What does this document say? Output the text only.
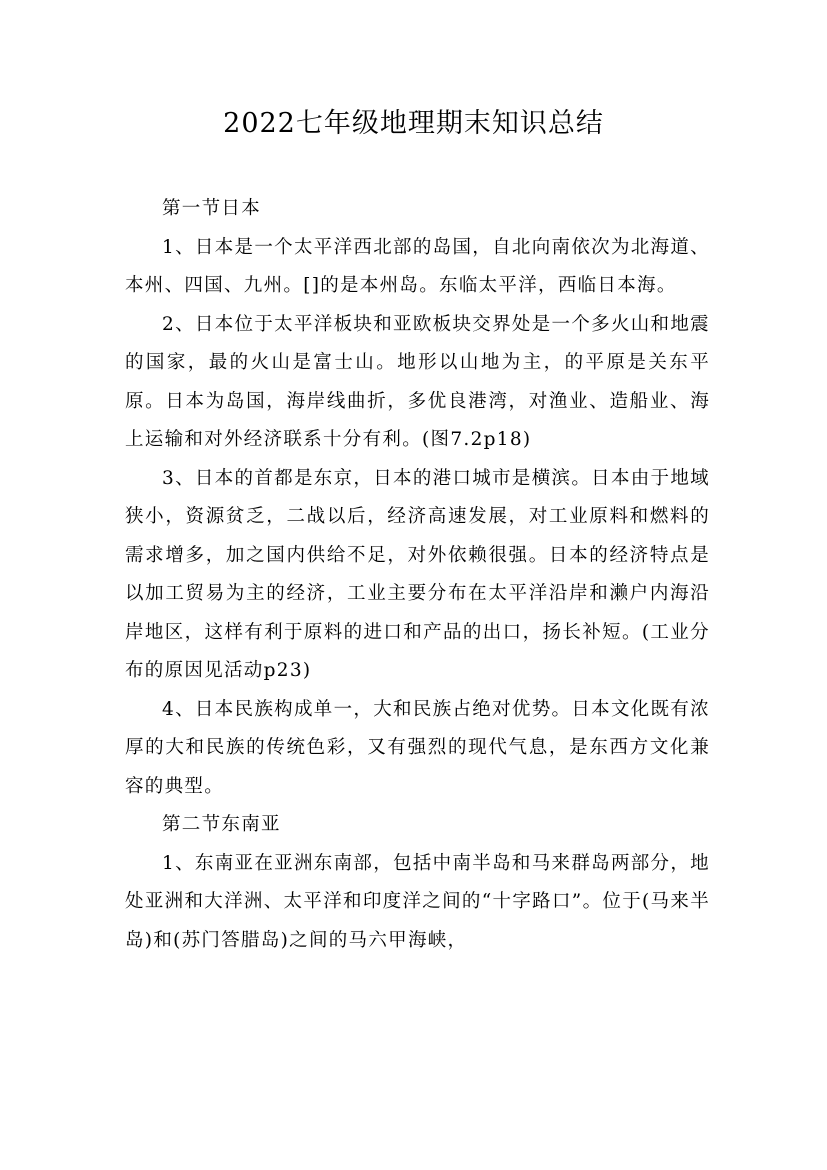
2022七年级地理期末知识总结

第一节日本

1、日本是一个太平洋西北部的岛国，自北向南依次为北海道、本州、四国、九州。[]的是本州岛。东临太平洋，西临日本海。

2、日本位于太平洋板块和亚欧板块交界处是一个多火山和地震的国家，最的火山是富士山。地形以山地为主，的平原是关东平原。日本为岛国，海岸线曲折，多优良港湾，对渔业、造船业、海上运输和对外经济联系十分有利。(图7.2p18)

3、日本的首都是东京，日本的港口城市是横滨。日本由于地域狭小，资源贫乏，二战以后，经济高速发展，对工业原料和燃料的需求增多，加之国内供给不足，对外依赖很强。日本的经济特点是以加工贸易为主的经济，工业主要分布在太平洋沿岸和濑户内海沿岸地区，这样有利于原料的进口和产品的出口，扬长补短。(工业分布的原因见活动p23)

4、日本民族构成单一，大和民族占绝对优势。日本文化既有浓厚的大和民族的传统色彩，又有强烈的现代气息，是东西方文化兼容的典型。

第二节东南亚

1、东南亚在亚洲东南部，包括中南半岛和马来群岛两部分，地处亚洲和大洋洲、太平洋和印度洋之间的“十字路口”。位于(马来半岛)和(苏门答腊岛)之间的马六甲海峡，
